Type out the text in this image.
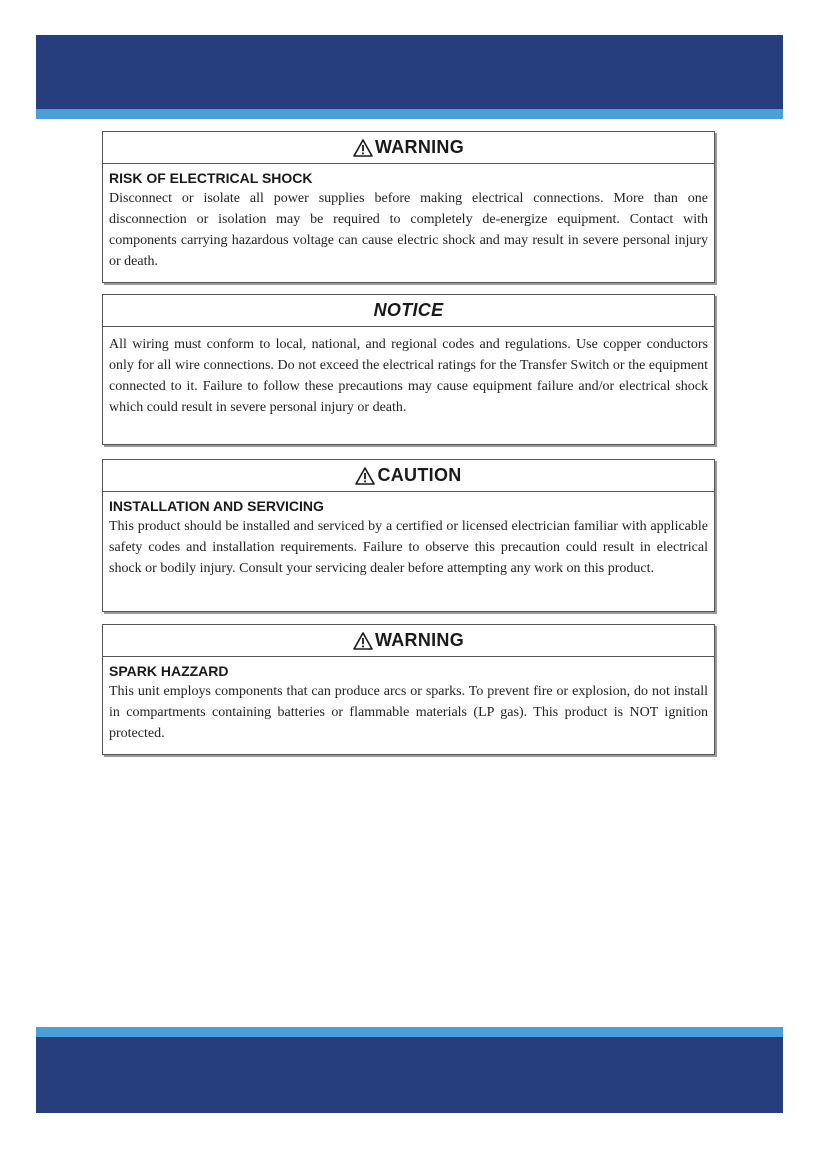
WARNING
RISK OF ELECTRICAL SHOCK
Disconnect or isolate all power supplies before making electrical connections. More than one disconnection or isolation may be required to completely de-energize equipment. Contact with components carrying hazardous voltage can cause electric shock and may result in severe personal injury or death.
NOTICE
All wiring must conform to local, national, and regional codes and regulations. Use copper conductors only for all wire connections. Do not exceed the electrical ratings for the Transfer Switch or the equipment connected to it. Failure to follow these precautions may cause equipment failure and/or electrical shock which could result in severe personal injury or death.
CAUTION
INSTALLATION AND SERVICING
This product should be installed and serviced by a certified or licensed electrician familiar with applicable safety codes and installation requirements. Failure to observe this precaution could result in electrical shock or bodily injury. Consult your servicing dealer before attempting any work on this product.
WARNING
SPARK HAZZARD
This unit employs components that can produce arcs or sparks. To prevent fire or explosion, do not install in compartments containing batteries or flammable materials (LP gas). This product is NOT ignition protected.
